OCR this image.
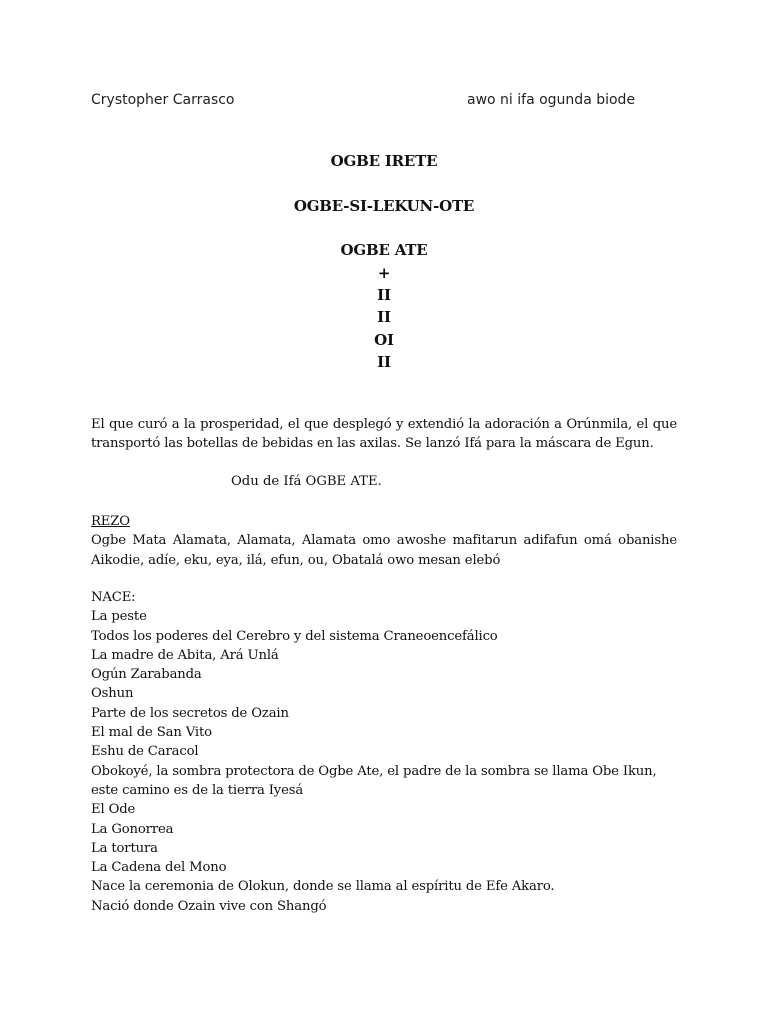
Crystopher Carrasco	awo ni ifa ogunda biode
OGBE IRETE
OGBE-SI-LEKUN-OTE
OGBE ATE
+
II
II
OI
II
El que curó a la prosperidad, el que desplegó y extendió la adoración a Orúnmila, el que transportó las botellas de bebidas en las axilas. Se lanzó Ifá para la máscara de Egun.
Odu de Ifá OGBE ATE.
REZO
Ogbe Mata Alamata, Alamata, Alamata omo awoshe mafitarun adifafun omá obanishe Aikodie, adíe, eku, eya, ilá, efun, ou, Obatalá owo mesan elebó
NACE:
La peste
Todos los poderes del Cerebro y del sistema Craneoencefálico
La madre de Abita, Ará Unlá
Ogún Zarabanda
Oshun
Parte de los secretos de Ozain
El mal de San Vito
Eshu de Caracol
Obokoyé, la sombra protectora de Ogbe Ate, el padre de la sombra se llama Obe Ikun, este camino es de la tierra Iyesá
El Ode
La Gonorrea
La tortura
La Cadena del Mono
Nace la ceremonia de Olokun, donde se llama al espíritu de Efe Akaro.
Nació donde Ozain vive con Shangó
